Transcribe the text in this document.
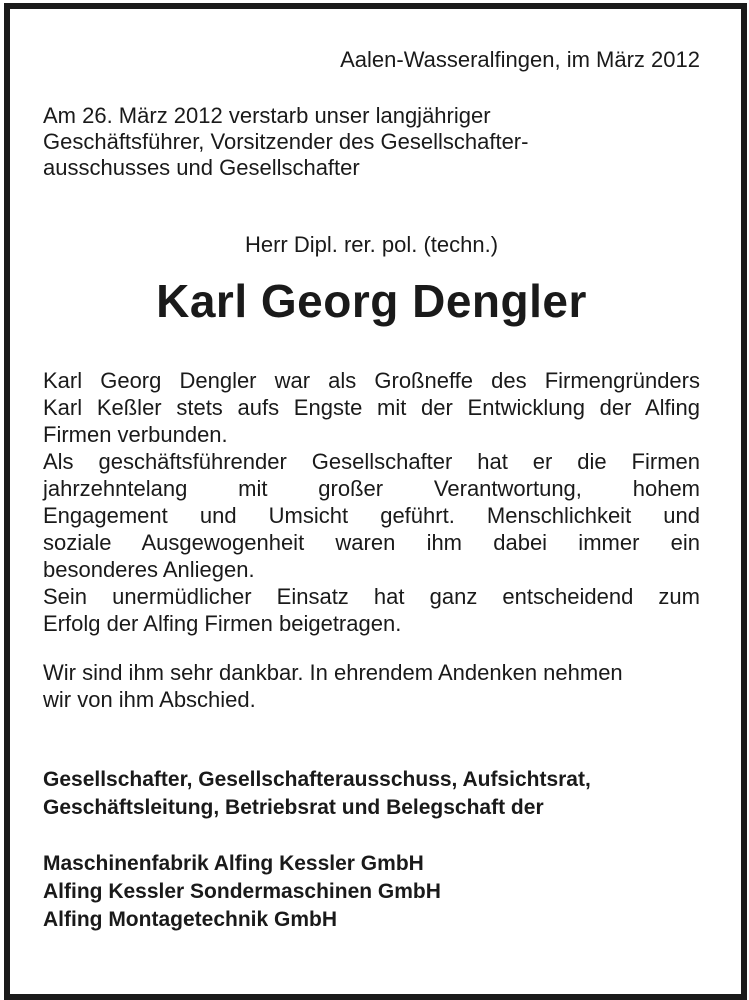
Aalen-Wasseralfingen, im März 2012

Am 26. März 2012 verstarb unser langjähriger
Geschäftsführer, Vorsitzender des Gesellschafter-
ausschusses und Gesellschafter

Herr Dipl. rer. pol. (techn.)

Karl Georg Dengler
Karl Georg Dengler war als Großneffe des Firmengründers
Karl Keßler stets aufs Engste mit der Entwicklung der Alfing
Firmen verbunden.
Als geschäftsführender Gesellschafter hat er die Firmen
jahrzehntelang mit großer Verantwortung, hohem
Engagement und Umsicht geführt. Menschlichkeit und
soziale Ausgewogenheit waren ihm dabei immer ein
besonderes Anliegen.
Sein unermüdlicher Einsatz hat ganz entscheidend zum
Erfolg der Alfing Firmen beigetragen.

Wir sind ihm sehr dankbar. In ehrendem Andenken nehmen
wir von ihm Abschied.

Gesellschafter, Gesellschafterausschuss, Aufsichtsrat,
Geschäftsleitung, Betriebsrat und Belegschaft der

Maschinenfabrik Alfing Kessler GmbH
Alfing Kessler Sondermaschinen GmbH
Alfing Montagetechnik GmbH
